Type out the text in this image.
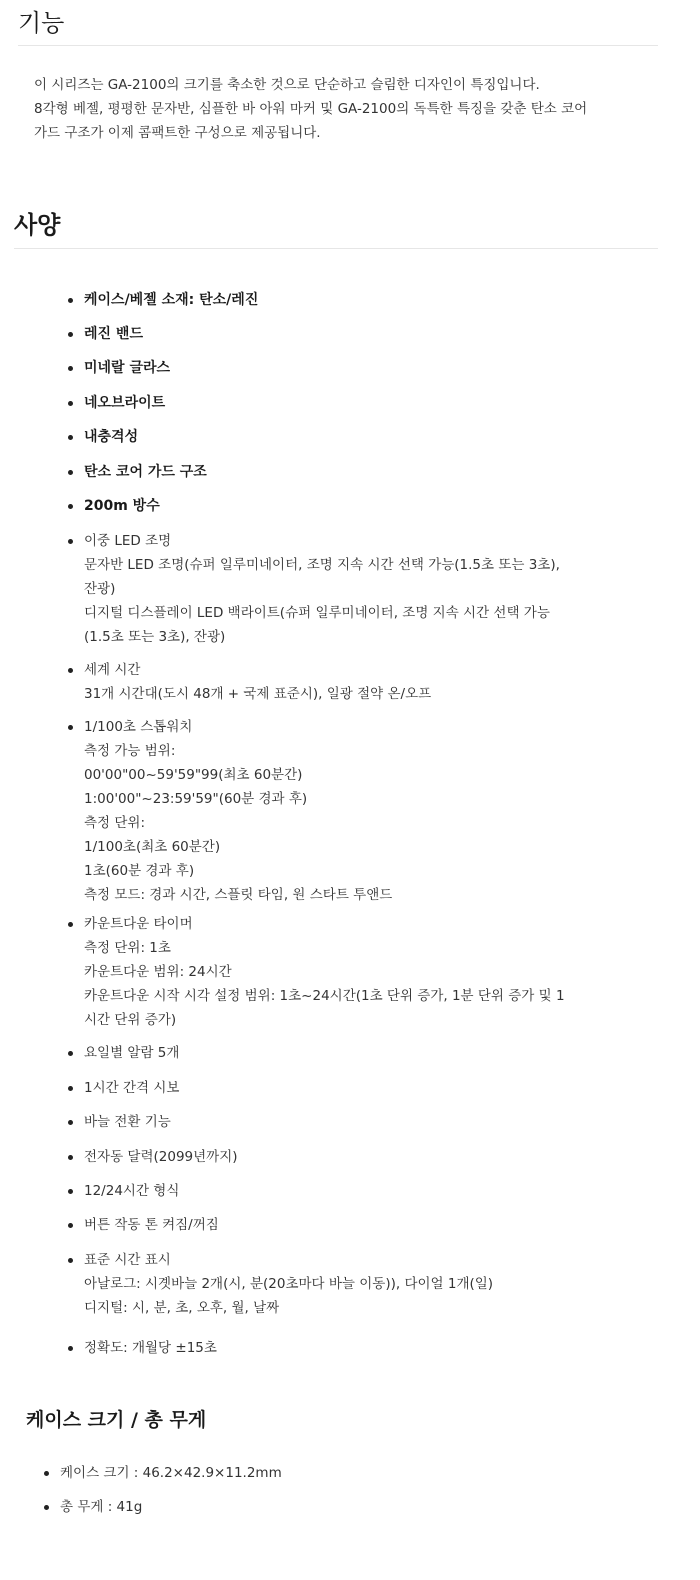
기능

이 시리즈는 GA-2100의 크기를 축소한 것으로 단순하고 슬림한 디자인이 특징입니다.

8각형 베젤, 평평한 문자반, 심플한 바 아워 마커 및 GA-2100의 독특한 특징을 갖춘 탄소 코어

가드 구조가 이제 콤팩트한 구성으로 제공됩니다.

사양
케이스/베젤 소재: 탄소/레진
레진 밴드
미네랄 글라스
네오브라이트
내충격성
탄소 코어 가드 구조
200m 방수
이중 LED 조명
문자반 LED 조명(슈퍼 일루미네이터, 조명 지속 시간 선택 가능(1.5초 또는 3초),
잔광)
디지털 디스플레이 LED 백라이트(슈퍼 일루미네이터, 조명 지속 시간 선택 가능
(1.5초 또는 3초), 잔광)
세계 시간
31개 시간대(도시 48개 + 국제 표준시), 일광 절약 온/오프
1/100초 스톱워치
측정 가능 범위:
00'00"00~59'59"99(최초 60분간)
1:00'00"~23:59'59"(60분 경과 후)
측정 단위:
1/100초(최초 60분간)
1초(60분 경과 후)
측정 모드: 경과 시간, 스플릿 타임, 원 스타트 투앤드
카운트다운 타이머
측정 단위: 1초
카운트다운 범위: 24시간
카운트다운 시작 시각 설정 범위: 1초~24시간(1초 단위 증가, 1분 단위 증가 및 1
시간 단위 증가)
요일별 알람 5개
1시간 간격 시보
바늘 전환 기능
전자동 달력(2099년까지)
12/24시간 형식
버튼 작동 톤 켜짐/꺼짐
표준 시간 표시
아날로그: 시곗바늘 2개(시, 분(20초마다 바늘 이동)), 다이얼 1개(일)
디지털: 시, 분, 초, 오후, 월, 날짜
정확도: 개월당 ±15초
케이스 크기 / 총 무게
케이스 크기 : 46.2×42.9×11.2mm
총 무게 : 41g
